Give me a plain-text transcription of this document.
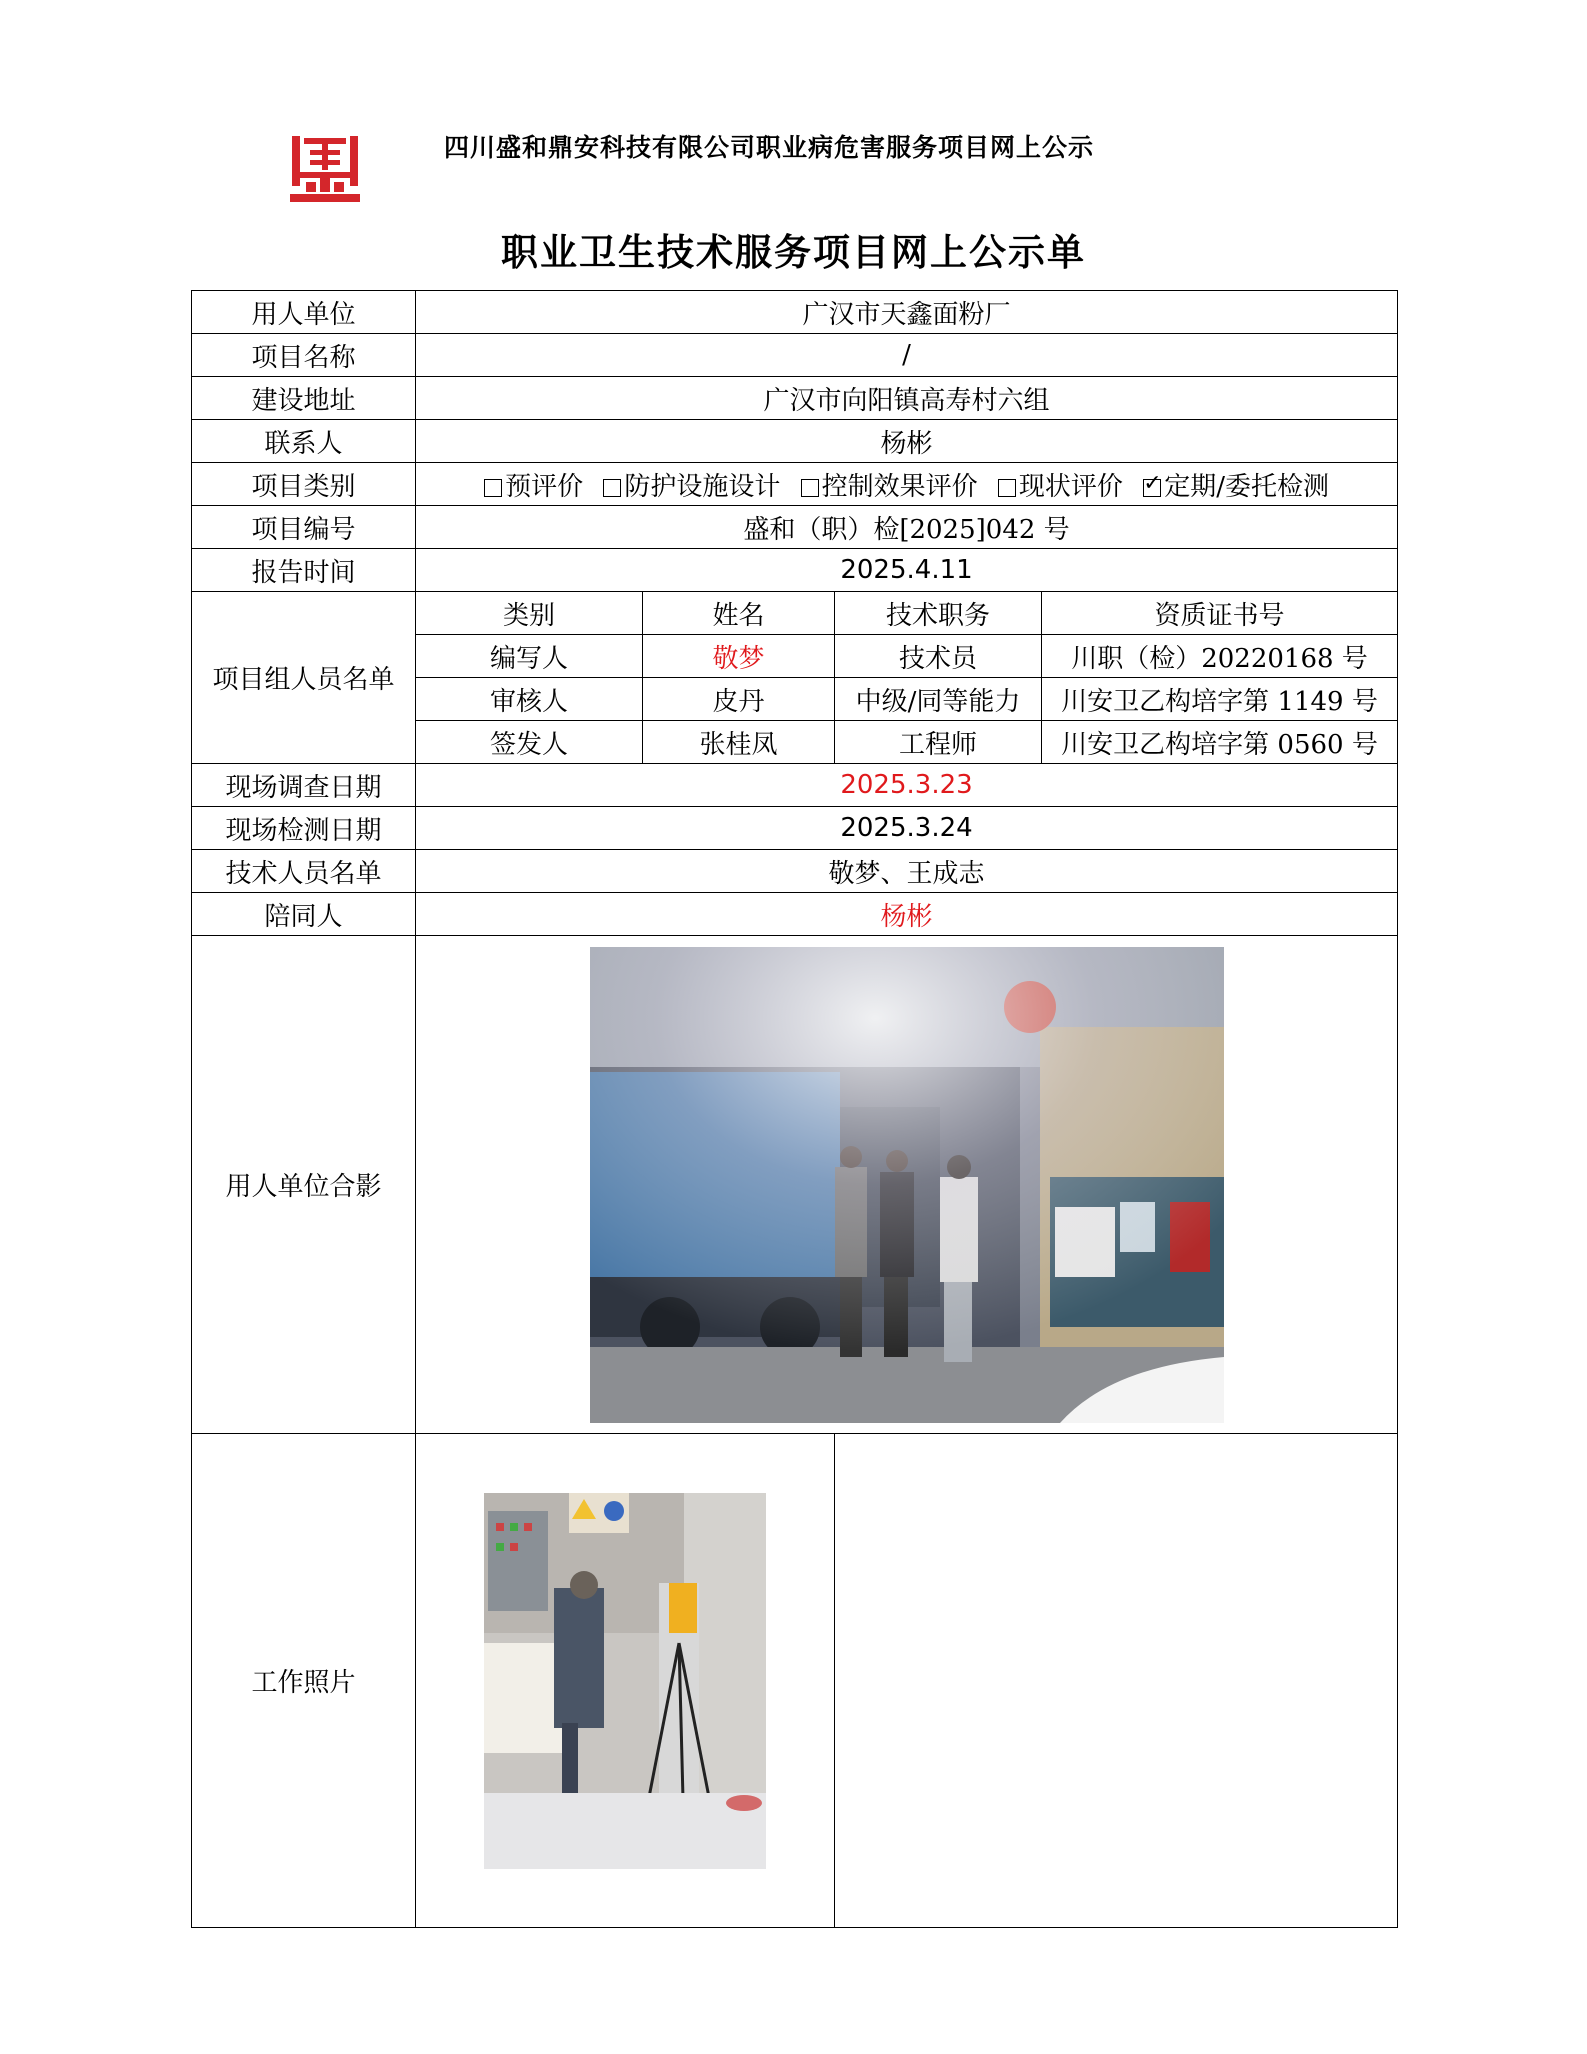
四川盛和鼎安科技有限公司职业病危害服务项目网上公示
职业卫生技术服务项目网上公示单
用人单位	广汉市天鑫面粉厂			
项目名称	/			
建设地址	广汉市向阳镇高寿村六组			
联系人	杨彬			
项目类别	预评价 防护设施设计 控制效果评价 现状评价 ✓ 定期/委托检测
项目编号	盛和（职）检[2025]042 号			
报告时间	2025.4.11			
项目组人员名单	类别	姓名	技术职务	资质证书号
	编写人	敬梦	技术员	川职（检）20220168 号
	审核人	皮丹	中级/同等能力	川安卫乙构培字第 1149 号
	签发人	张桂凤	工程师	川安卫乙构培字第 0560 号
现场调查日期	2025.3.23			
现场检测日期	2025.3.24			
技术人员名单	敬梦、王成志			
陪同人	杨彬			
用人单位合影	

工作照片	
